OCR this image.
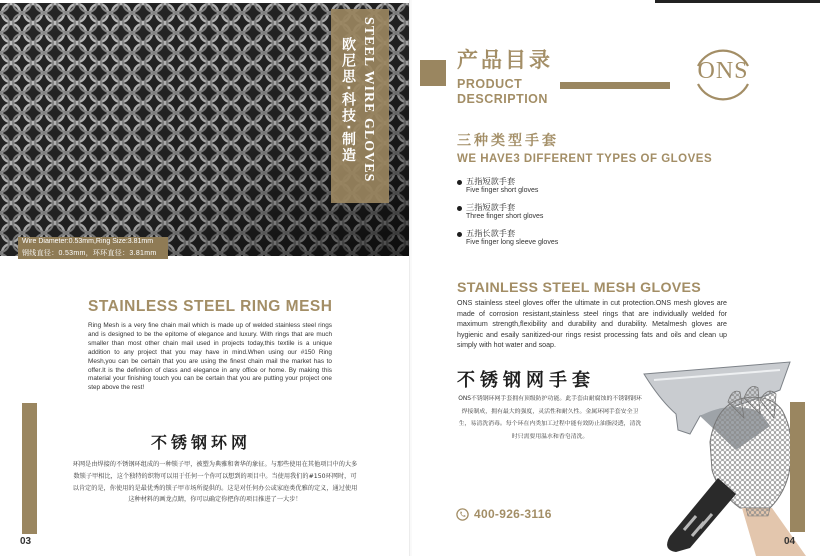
STEEL WIRE GLOVES
欧尼思·科技·制造
Wire Diameter:0.53mm,Ring Size:3.81mm
钢线直径：0.53mm，环环直径：3.81mm
STAINLESS STEEL RING MESH
Ring Mesh is a very fine chain mail which is made up of welded stainless steel rings and is designed to be the epitome of elegance and luxury. With rings that are much smaller than most other chain mail used in projects today,this textile is a unique addition to any project that you may have in mind.When using our #150 Ring Mesh,you can be certain that you are using the finest chain mail the market has to offer.It is the definition of class and elegance in any office or home. By making this material your finishing touch you can be certain that you are putting your project one step above the rest!
不锈钢环网
环网是由焊接的不锈钢环组成的一种锁子甲，被塑为典雅和奢华的象征。与那些使用在其他项目中的大多数锁子甲相比，这个独特的织物可以用于任何一个你可以想到的项目中。当使用我们的#150环网时，可以肯定的是，你使用的是最优秀的锁子甲市场所提供的。这是对任何办公或家庭类优雅的定义，通过使用这种材料的画龙点睛，你可以确定你把你的项目推进了一大步！
03
产品目录
PRODUCT
DESCRIPTION
ONS
三种类型手套
WE HAVE3 DIFFERENT TYPES OF GLOVES
五指短款手套
Five finger short gloves
三指短款手套
Three finger short gloves
五指长款手套
Five finger long sleeve gloves
STAINLESS STEEL MESH GLOVES
ONS stainless steel gloves offer the ultimate in cut protection.ONS mesh gloves are made of corrosion resistant,stainless steel rings that are individually welded for maximum strength,flexibility and durability and durability. Metalmesh gloves are hygienic and esaily sanitized-our rings resist processing fats and oils and clean up simply with hot water and soap.
不锈钢网手套
ONS不锈钢环网手套拥有顶级防护功能。此手套由耐腐蚀的不锈钢钢环焊接制成，拥有最大的强度，灵活性和耐久性。金属环网手套安全卫生，易清洗消毒。每个环在内类加工过程中能有效防止油脂浸透，清洗时只需要用温水和香皂清洗。
400-926-3116
04
